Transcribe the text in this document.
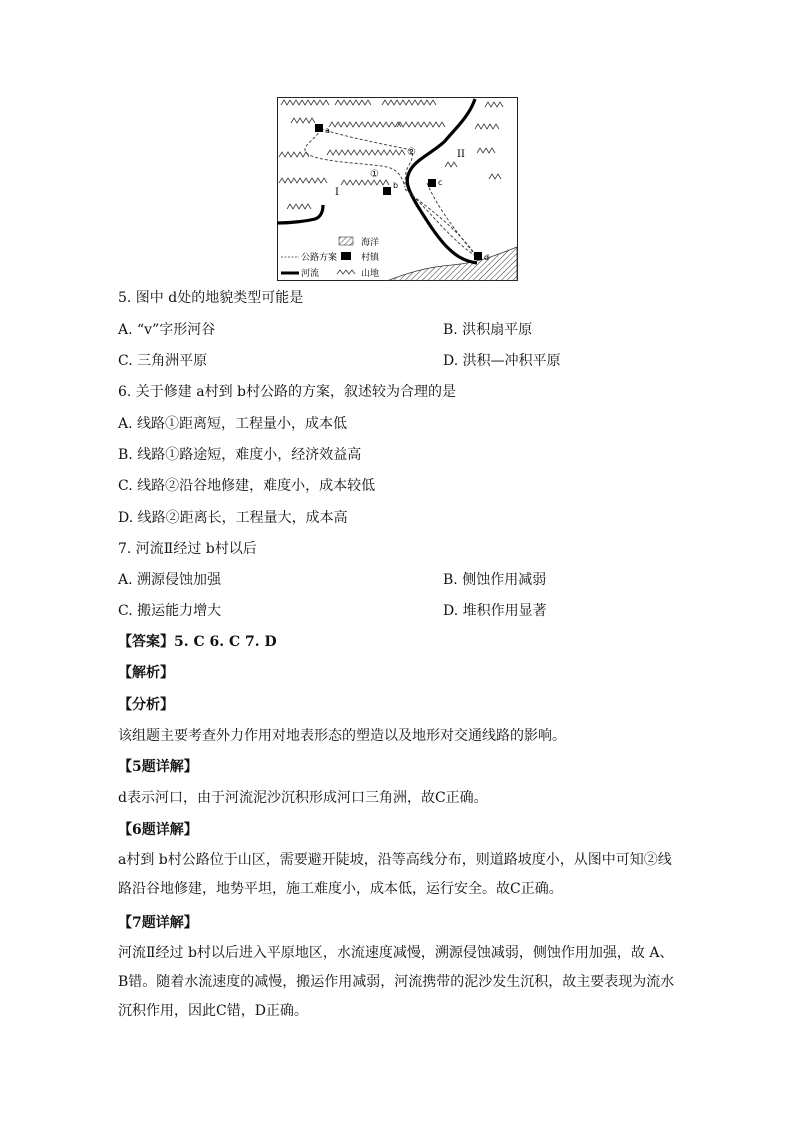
a
b	c
d
I
II
①
②
海洋
公路方案	村镇
河流	山地
5. 图中 d处的地貌类型可能是
A. “v”字形河谷	B. 洪积扇平原
C. 三角洲平原	D. 洪积—冲积平原
6. 关于修建 a村到 b村公路的方案，叙述较为合理的是
A. 线路①距离短，工程量小，成本低
B. 线路①路途短，难度小，经济效益高
C. 线路②沿谷地修建，难度小，成本较低
D. 线路②距离长，工程量大，成本高
7. 河流Ⅱ经过 b村以后
A. 溯源侵蚀加强	B. 侧蚀作用减弱
C. 搬运能力增大	D. 堆积作用显著
【答案】5. C 6. C 7. D
【解析】
【分析】
该组题主要考查外力作用对地表形态的塑造以及地形对交通线路的影响。
【5题详解】
d表示河口，由于河流泥沙沉积形成河口三角洲，故C正确。
【6题详解】
a村到 b村公路位于山区，需要避开陡坡，沿等高线分布，则道路坡度小，从图中可知②线路沿谷地修建，地势平坦，施工难度小，成本低，运行安全。故C正确。
【7题详解】
河流Ⅱ经过 b村以后进入平原地区，水流速度减慢，溯源侵蚀减弱，侧蚀作用加强，故 A、B错。随着水流速度的减慢，搬运作用减弱，河流携带的泥沙发生沉积，故主要表现为流水沉积作用，因此C错，D正确。
